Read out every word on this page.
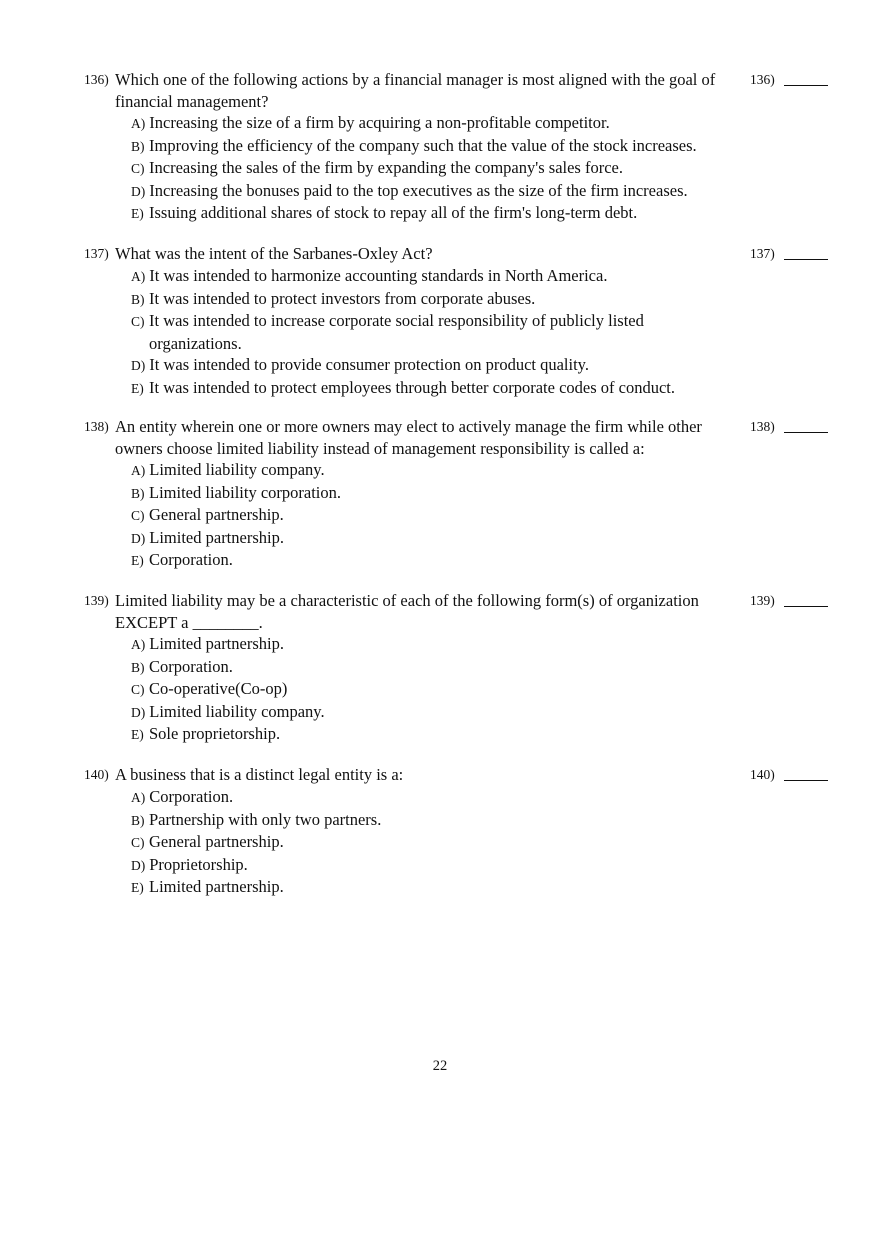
136) Which one of the following actions by a financial manager is most aligned with the goal of financial management?
136)
A) Increasing the size of a firm by acquiring a non-profitable competitor.
B) Improving the efficiency of the company such that the value of the stock increases.
C) Increasing the sales of the firm by expanding the company's sales force.
D) Increasing the bonuses paid to the top executives as the size of the firm increases.
E) Issuing additional shares of stock to repay all of the firm's long-term debt.
137) What was the intent of the Sarbanes-Oxley Act?	137)
A) It was intended to harmonize accounting standards in North America.
B) It was intended to protect investors from corporate abuses.
C) It was intended to increase corporate social responsibility of publicly listed organizations.
D) It was intended to provide consumer protection on product quality.
E) It was intended to protect employees through better corporate codes of conduct.
138) An entity wherein one or more owners may elect to actively manage the firm while other owners choose limited liability instead of management responsibility is called a:
138)
A) Limited liability company.
B) Limited liability corporation.
C) General partnership.
D) Limited partnership.
E) Corporation.
139) Limited liability may be a characteristic of each of the following form(s) of organization EXCEPT a ________.
139)
A) Limited partnership.
B) Corporation.
C) Co-operative(Co-op)
D) Limited liability company.
E) Sole proprietorship.
140) A business that is a distinct legal entity is a:	140)
A) Corporation.
B) Partnership with only two partners.
C) General partnership.
D) Proprietorship.
E) Limited partnership.
22
